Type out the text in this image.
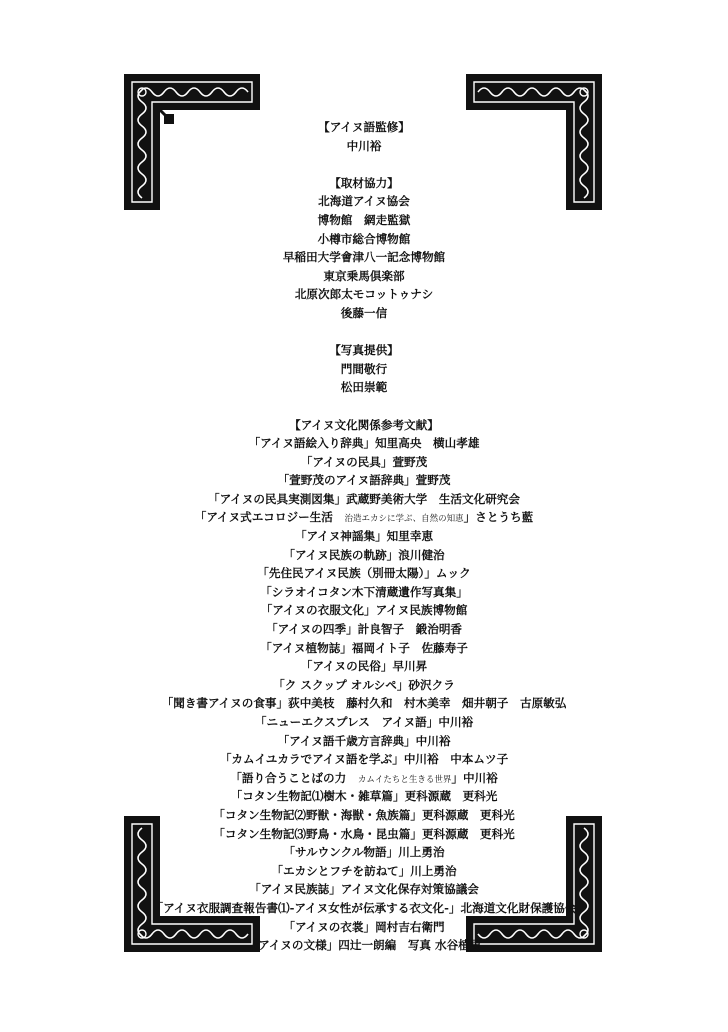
【アイヌ語監修】
中川裕
【取材協力】
北海道アイヌ協会
博物館　網走監獄
小樽市総合博物館
早稲田大学會津八一記念博物館
東京乗馬倶楽部
北原次郎太モコットゥナシ
後藤一信
【写真提供】
門間敬行
松田崇範
【アイヌ文化関係参考文献】
「アイヌ語絵入り辞典」知里高央　横山孝雄
「アイヌの民具」萱野茂
「萱野茂のアイヌ語辞典」萱野茂
「アイヌの民具実測図集」武蔵野美術大学　生活文化研究会
「アイヌ式エコロジー生活　 治造エカシに学ぶ、自然の知恵」さとうち藍
「アイヌ神謡集」知里幸恵
「アイヌ民族の軌跡」浪川健治
「先住民アイヌ民族（別冊太陽）」ムック
「シラオイコタン木下清蔵遺作写真集」
「アイヌの衣服文化」アイヌ民族博物館
「アイヌの四季」計良智子　鍛治明香
「アイヌ植物誌」福岡イト子　佐藤寿子
「アイヌの民俗」早川昇
「ク スクップ オルシペ」砂沢クラ
「聞き書アイヌの食事」荻中美枝　藤村久和　村木美幸　畑井朝子　古原敏弘
「ニューエクスプレス　アイヌ語」中川裕
「アイヌ語千歳方言辞典」中川裕
「カムイユカラでアイヌ語を学ぶ」中川裕　中本ムツ子
「語り合うことばの力　 カムイたちと生きる世界」中川裕
「コタン生物記⑴樹木・雑草篇」更科源蔵　更科光
「コタン生物記⑵野獣・海獣・魚族篇」更科源蔵　更科光
「コタン生物記⑶野鳥・水鳥・昆虫篇」更科源蔵　更科光
「サルウンクル物語」川上勇治
「エカシとフチを訪ねて」川上勇治
「アイヌ民族誌」アイヌ文化保存対策協議会
「アイヌ衣服調査報告書⑴-アイヌ女性が伝承する衣文化-」北海道文化財保護協会
「アイヌの衣裳」岡村吉右衛門
「アイヌの文様」四辻一朗編　写真 水谷植男
